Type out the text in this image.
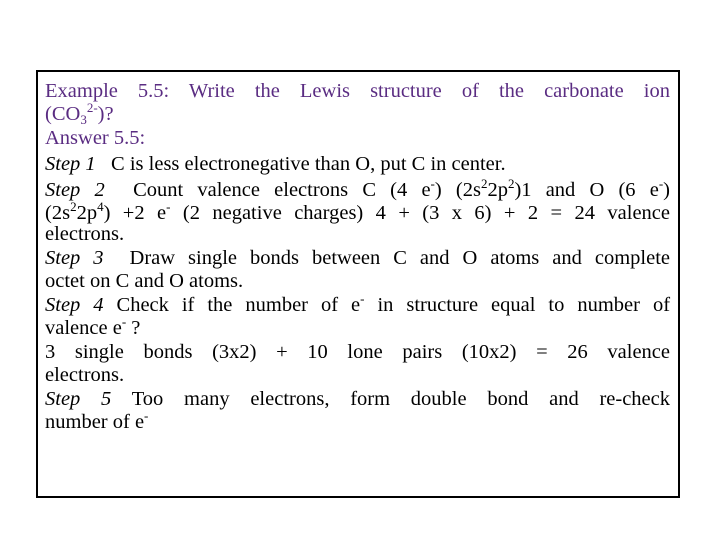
Example 5.5: Write the Lewis structure of the carbonate ion

$(CO_3^{2-})$?

Answer 5.5:

Step 1 C is less electronegative than O, put C in center.

Step 2 Count valence electrons C (4 e-) $(2s^22p^2)1$ and O (6 e-)

$(2s^22p^4) +2$ e- (2 negative charges) 4 + (3 x 6) + 2 = 24 valence

electrons.

Step 3 Draw single bonds between C and O atoms and complete

octet on C and O atoms.

Step 4 Check if the number of e- in structure equal to number of

valence e- ?

3 single bonds (3x2) + 10 lone pairs (10x2) = 26 valence

electrons.

Step 5 Too many electrons, form double bond and re-check

number of e-
